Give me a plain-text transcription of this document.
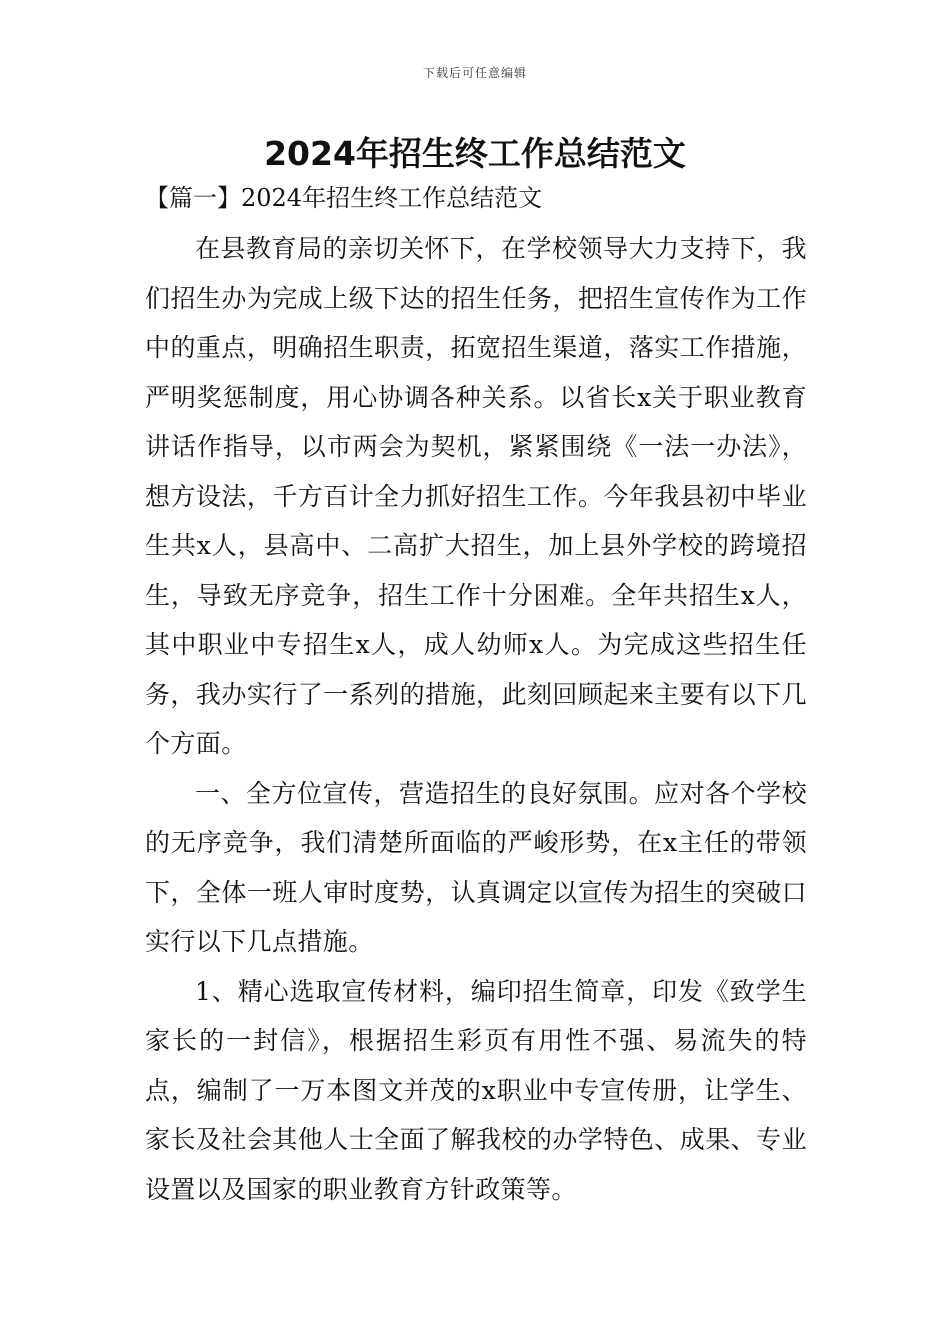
下载后可任意编辑
2024年招生终工作总结范文

【篇一】2024年招生终工作总结范文

在县教育局的亲切关怀下，在学校领导大力支持下，我们招生办为完成上级下达的招生任务，把招生宣传作为工作中的重点，明确招生职责，拓宽招生渠道，落实工作措施，严明奖惩制度，用心协调各种关系。以省长x关于职业教育讲话作指导，以市两会为契机，紧紧围绕《一法一办法》，想方设法，千方百计全力抓好招生工作。今年我县初中毕业生共x人，县高中、二高扩大招生，加上县外学校的跨境招生，导致无序竞争，招生工作十分困难。全年共招生x人，其中职业中专招生x人，成人幼师x人。为完成这些招生任务，我办实行了一系列的措施，此刻回顾起来主要有以下几个方面。

一、全方位宣传，营造招生的良好氛围。应对各个学校的无序竞争，我们清楚所面临的严峻形势，在x主任的带领下，全体一班人审时度势，认真调定以宣传为招生的突破口实行以下几点措施。

1、精心选取宣传材料，编印招生简章，印发《致学生家长的一封信》，根据招生彩页有用性不强、易流失的特点，编制了一万本图文并茂的x职业中专宣传册，让学生、家长及社会其他人士全面了解我校的办学特色、成果、专业设置以及国家的职业教育方针政策等。
